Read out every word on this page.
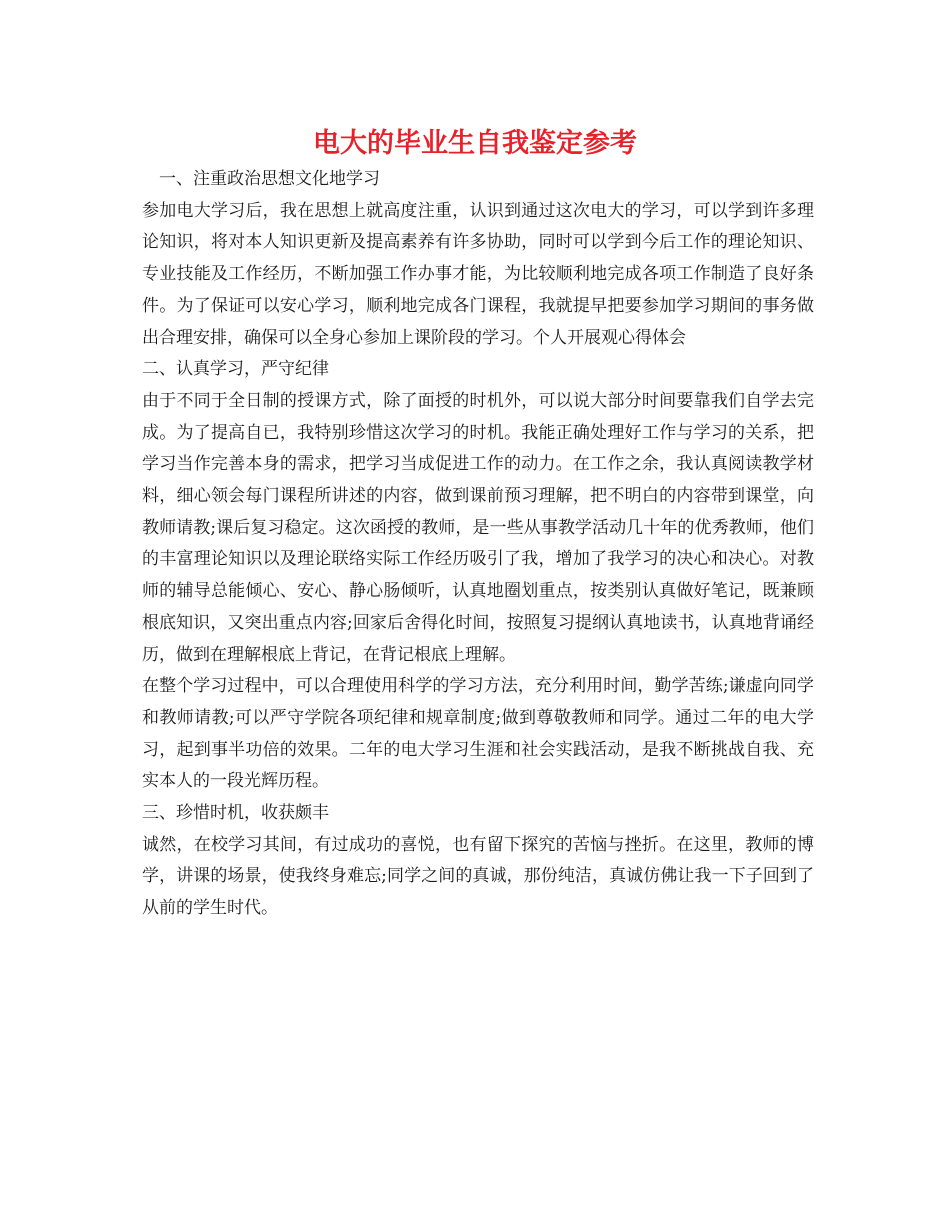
电大的毕业生自我鉴定参考

一、注重政治思想文化地学习

参加电大学习后，我在思想上就高度注重，认识到通过这次电大的学习，可以学到许多理论知识，将对本人知识更新及提高素养有许多协助，同时可以学到今后工作的理论知识、专业技能及工作经历，不断加强工作办事才能，为比较顺利地完成各项工作制造了良好条件。为了保证可以安心学习，顺利地完成各门课程，我就提早把要参加学习期间的事务做出合理安排，确保可以全身心参加上课阶段的学习。个人开展观心得体会

二、认真学习，严守纪律

由于不同于全日制的授课方式，除了面授的时机外，可以说大部分时间要靠我们自学去完成。为了提高自已，我特别珍惜这次学习的时机。我能正确处理好工作与学习的关系，把学习当作完善本身的需求，把学习当成促进工作的动力。在工作之余，我认真阅读教学材料，细心领会每门课程所讲述的内容，做到课前预习理解，把不明白的内容带到课堂，向教师请教;课后复习稳定。这次函授的教师，是一些从事教学活动几十年的优秀教师，他们的丰富理论知识以及理论联络实际工作经历吸引了我，增加了我学习的决心和决心。对教师的辅导总能倾心、安心、静心肠倾听，认真地圈划重点，按类别认真做好笔记，既兼顾根底知识，又突出重点内容;回家后舍得化时间，按照复习提纲认真地读书，认真地背诵经历，做到在理解根底上背记，在背记根底上理解。

在整个学习过程中，可以合理使用科学的学习方法，充分利用时间，勤学苦练;谦虚向同学和教师请教;可以严守学院各项纪律和规章制度;做到尊敬教师和同学。通过二年的电大学习，起到事半功倍的效果。二年的电大学习生涯和社会实践活动，是我不断挑战自我、充实本人的一段光辉历程。

三、珍惜时机，收获颇丰

诚然，在校学习其间，有过成功的喜悦，也有留下探究的苦恼与挫折。在这里，教师的博学，讲课的场景，使我终身难忘;同学之间的真诚，那份纯洁，真诚仿佛让我一下子回到了从前的学生时代。
